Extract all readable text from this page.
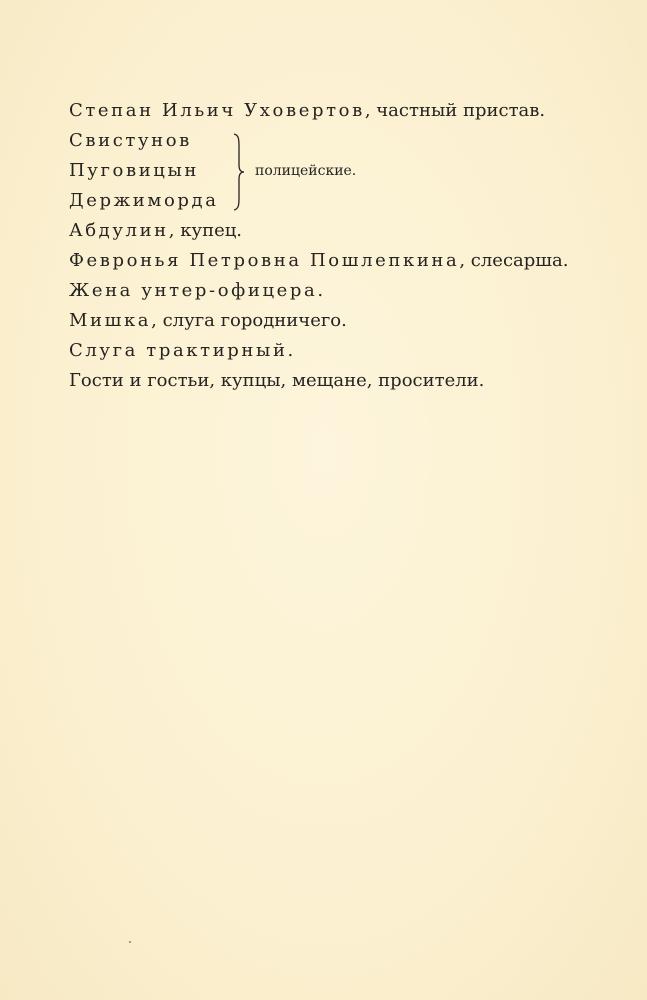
Степан Ильич Уховертов, частный пристав.
Свистунов
Пуговицын
Держиморда
полицейские.
Абдулин, купец.
Февронья Петровна Пошлепкина, слесарша.
Жена унтер-офицера.
Мишка, слуга городничего.
Слуга трактирный.
Гости и гостьи, купцы, мещане, просители.
